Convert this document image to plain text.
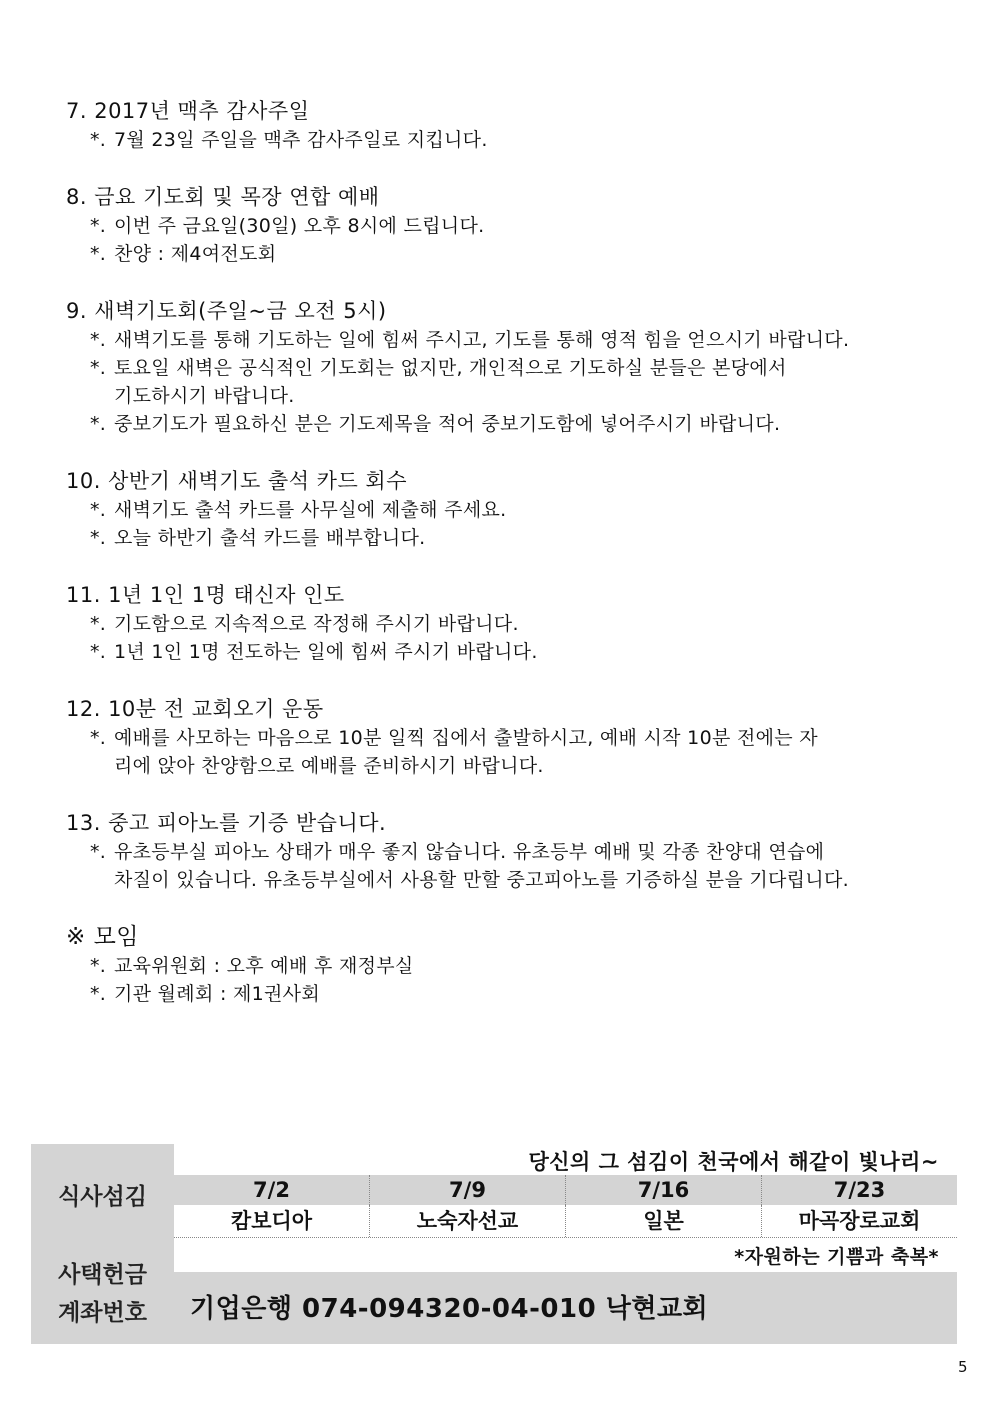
7. 2017년 맥추 감사주일
*. 7월 23일 주일을 맥추 감사주일로 지킵니다.
8. 금요 기도회 및 목장 연합 예배
*. 이번 주 금요일(30일) 오후 8시에 드립니다.
*. 찬양 : 제4여전도회
9. 새벽기도회(주일~금 오전 5시)
*. 새벽기도를 통해 기도하는 일에 힘써 주시고, 기도를 통해 영적 힘을 얻으시기 바랍니다.
*. 토요일 새벽은 공식적인 기도회는 없지만, 개인적으로 기도하실 분들은 본당에서
기도하시기 바랍니다.
*. 중보기도가 필요하신 분은 기도제목을 적어 중보기도함에 넣어주시기 바랍니다.
10. 상반기 새벽기도 출석 카드 회수
*. 새벽기도 출석 카드를 사무실에 제출해 주세요.
*. 오늘 하반기 출석 카드를 배부합니다.
11. 1년 1인 1명 태신자 인도
*. 기도함으로 지속적으로 작정해 주시기 바랍니다.
*. 1년 1인 1명 전도하는 일에 힘써 주시기 바랍니다.
12. 10분 전 교회오기 운동
*. 예배를 사모하는 마음으로 10분 일찍 집에서 출발하시고, 예배 시작 10분 전에는 자
리에 앉아 찬양함으로 예배를 준비하시기 바랍니다.
13. 중고 피아노를 기증 받습니다.
*. 유초등부실 피아노 상태가 매우 좋지 않습니다. 유초등부 예배 및 각종 찬양대 연습에
차질이 있습니다. 유초등부실에서 사용할 만할 중고피아노를 기증하실 분을 기다립니다.
※ 모임
*. 교육위원회 : 오후 예배 후 재정부실
*. 기관 월례회 : 제1권사회
식사섬김
사택헌금
계좌번호
당신의 그 섬김이 천국에서 해같이 빛나리~
7/2	7/9	7/16	7/23
캄보디아	노숙자선교	일본	마곡장로교회
*자원하는 기쁨과 축복*
기업은행 074-094320-04-010 낙현교회
5
